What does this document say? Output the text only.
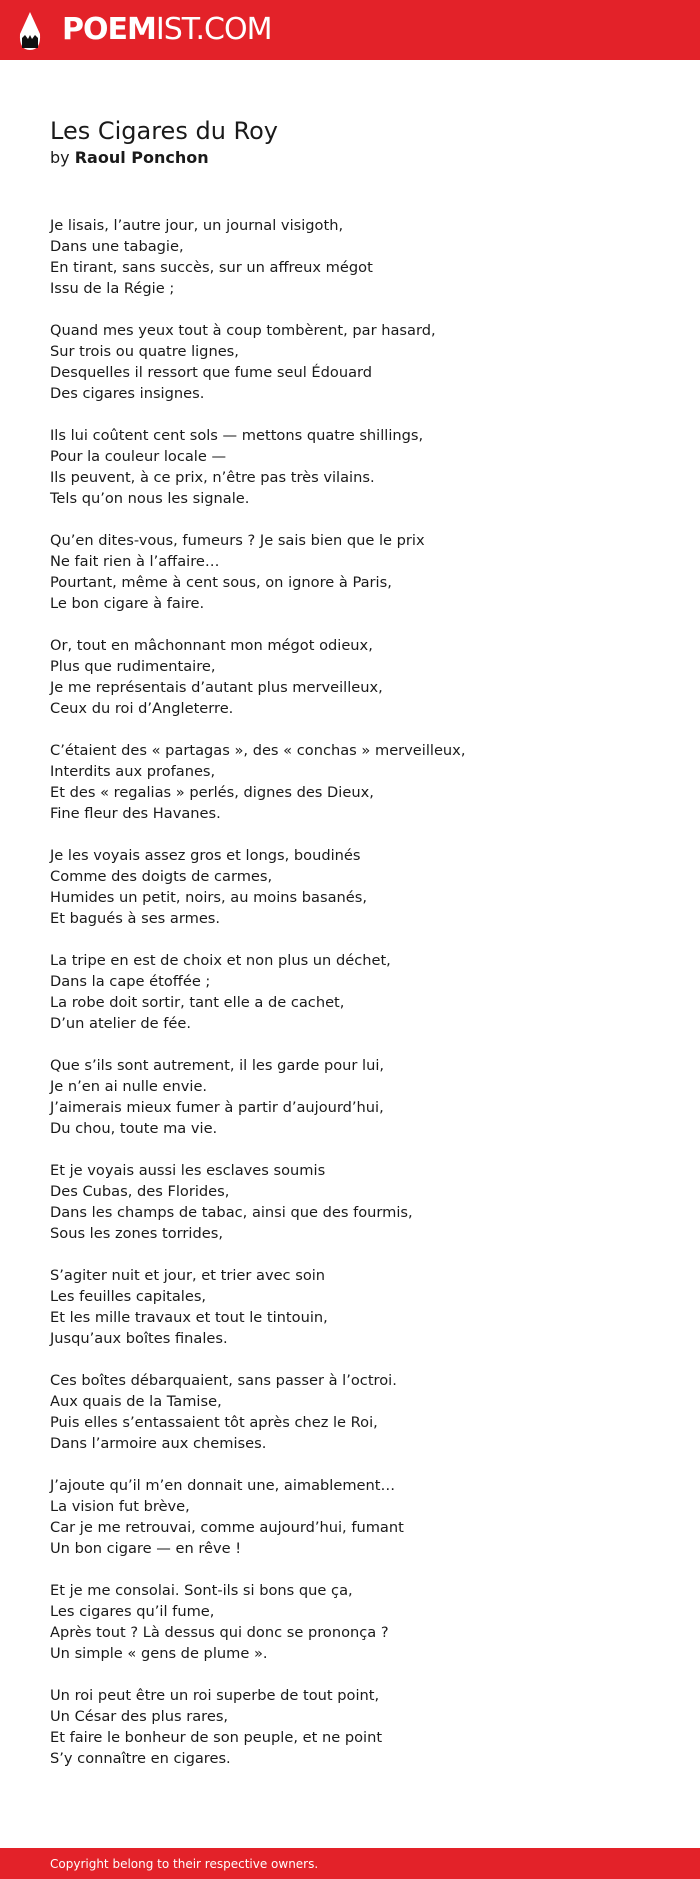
POEMIST.COM
Les Cigares du Roy
by Raoul Ponchon
Je lisais, l’autre jour, un journal visigoth,
Dans une tabagie,
En tirant, sans succès, sur un affreux mégot
Issu de la Régie ;
Quand mes yeux tout à coup tombèrent, par hasard,
Sur trois ou quatre lignes,
Desquelles il ressort que fume seul Édouard
Des cigares insignes.
Ils lui coûtent cent sols — mettons quatre shillings,
Pour la couleur locale —
Ils peuvent, à ce prix, n’être pas très vilains.
Tels qu’on nous les signale.
Qu’en dites-vous, fumeurs ? Je sais bien que le prix
Ne fait rien à l’affaire…
Pourtant, même à cent sous, on ignore à Paris,
Le bon cigare à faire.
Or, tout en mâchonnant mon mégot odieux,
Plus que rudimentaire,
Je me représentais d’autant plus merveilleux,
Ceux du roi d’Angleterre.
C’étaient des « partagas », des « conchas » merveilleux,
Interdits aux profanes,
Et des « regalias » perlés, dignes des Dieux,
Fine fleur des Havanes.
Je les voyais assez gros et longs, boudinés
Comme des doigts de carmes,
Humides un petit, noirs, au moins basanés,
Et bagués à ses armes.
La tripe en est de choix et non plus un déchet,
Dans la cape étoffée ;
La robe doit sortir, tant elle a de cachet,
D’un atelier de fée.
Que s’ils sont autrement, il les garde pour lui,
Je n’en ai nulle envie.
J’aimerais mieux fumer à partir d’aujourd’hui,
Du chou, toute ma vie.
Et je voyais aussi les esclaves soumis
Des Cubas, des Florides,
Dans les champs de tabac, ainsi que des fourmis,
Sous les zones torrides,
S’agiter nuit et jour, et trier avec soin
Les feuilles capitales,
Et les mille travaux et tout le tintouin,
Jusqu’aux boîtes finales.
Ces boîtes débarquaient, sans passer à l’octroi.
Aux quais de la Tamise,
Puis elles s’entassaient tôt après chez le Roi,
Dans l’armoire aux chemises.
J’ajoute qu’il m’en donnait une, aimablement…
La vision fut brève,
Car je me retrouvai, comme aujourd’hui, fumant
Un bon cigare — en rêve !
Et je me consolai. Sont-ils si bons que ça,
Les cigares qu’il fume,
Après tout ? Là dessus qui donc se prononça ?
Un simple « gens de plume ».
Un roi peut être un roi superbe de tout point,
Un César des plus rares,
Et faire le bonheur de son peuple, et ne point
S’y connaître en cigares.
Copyright belong to their respective owners.
